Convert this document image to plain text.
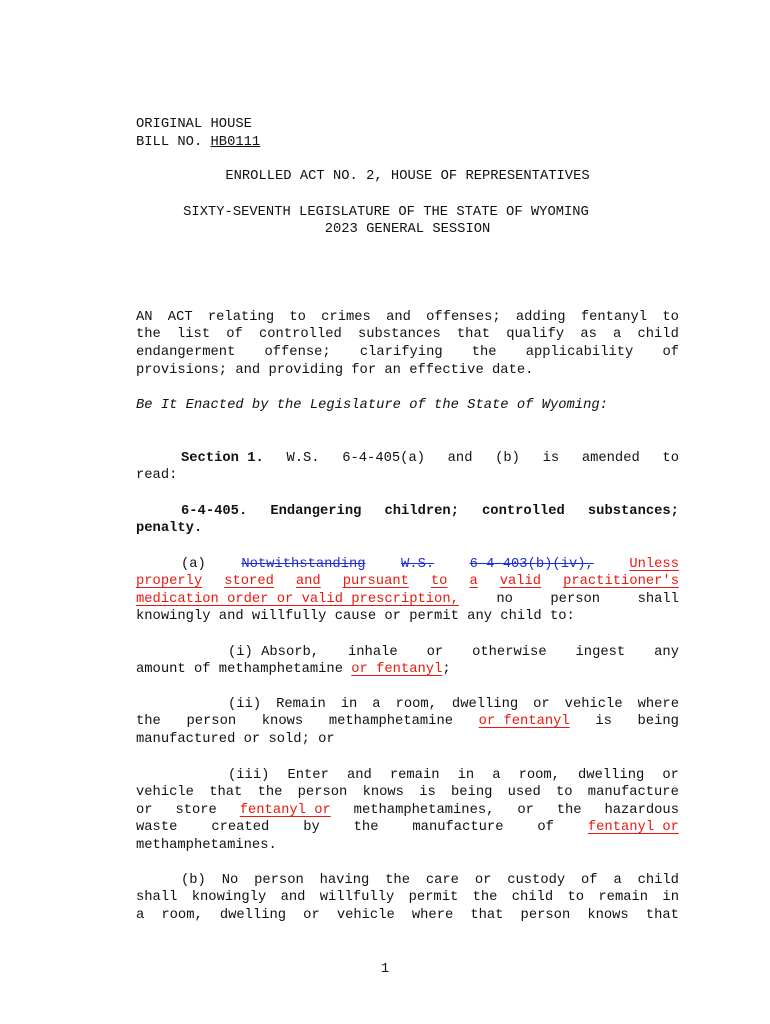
ORIGINAL HOUSE
BILL NO. HB0111
ENROLLED ACT NO. 2, HOUSE OF REPRESENTATIVES
SIXTY-SEVENTH LEGISLATURE OF THE STATE OF WYOMING
2023 GENERAL SESSION
AN ACT relating to crimes and offenses; adding fentanyl to
the list of controlled substances that qualify as a child
endangerment offense; clarifying the applicability of
provisions; and providing for an effective date.
Be It Enacted by the Legislature of the State of Wyoming:
Section 1. W.S. 6-4-405(a) and (b) is amended to
read:
6-4-405. Endangering children; controlled substances;
penalty.
(a)	Notwithstanding	W.S.	6-4-403(b)(iv),	Unless
properly stored and pursuant to a valid practitioner's
medication order or valid prescription,	no	person	shall
knowingly and willfully cause or permit any child to:
(i) Absorb, inhale or otherwise ingest any
amount of methamphetamine or fentanyl;
(ii) Remain in a room, dwelling or vehicle where
the person knows methamphetamine or fentanyl is being
manufactured or sold; or
(iii) Enter and remain in a room, dwelling or
vehicle that the person knows is being used to manufacture
or store fentanyl or methamphetamines, or the hazardous
waste created by the manufacture of fentanyl or
methamphetamines.
(b) No person having the care or custody of a child
shall knowingly and willfully permit the child to remain in
a room, dwelling or vehicle where that person knows that
1
